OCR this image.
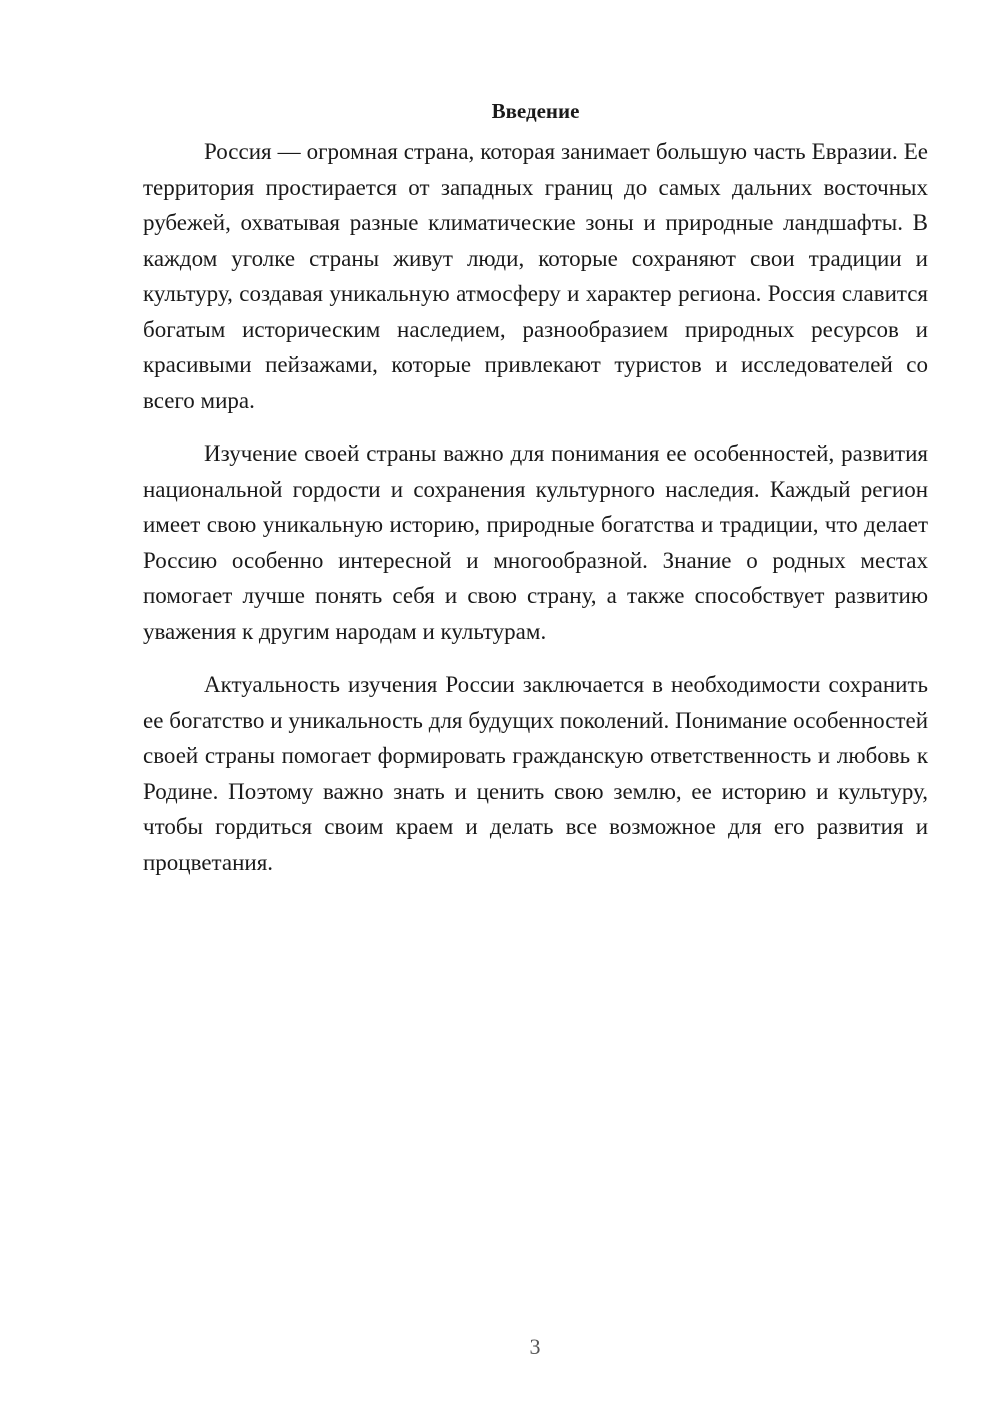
Введение

Россия — огромная страна, которая занимает большую часть Евразии. Ее территория простирается от западных границ до самых дальних восточных рубежей, охватывая разные климатические зоны и природные ландшафты. В каждом уголке страны живут люди, которые сохраняют свои традиции и культуру, создавая уникальную атмосферу и характер региона. Россия славится богатым историческим наследием, разнообразием природных ресурсов и красивыми пейзажами, которые привлекают туристов и исследователей со всего мира.

Изучение своей страны важно для понимания ее особенностей, развития национальной гордости и сохранения культурного наследия. Каждый регион имеет свою уникальную историю, природные богатства и традиции, что делает Россию особенно интересной и многообразной. Знание о родных местах помогает лучше понять себя и свою страну, а также способствует развитию уважения к другим народам и культурам.

Актуальность изучения России заключается в необходимости сохранить ее богатство и уникальность для будущих поколений. Понимание особенностей своей страны помогает формировать гражданскую ответственность и любовь к Родине. Поэтому важно знать и ценить свою землю, ее историю и культуру, чтобы гордиться своим краем и делать все возможное для его развития и процветания.

3
